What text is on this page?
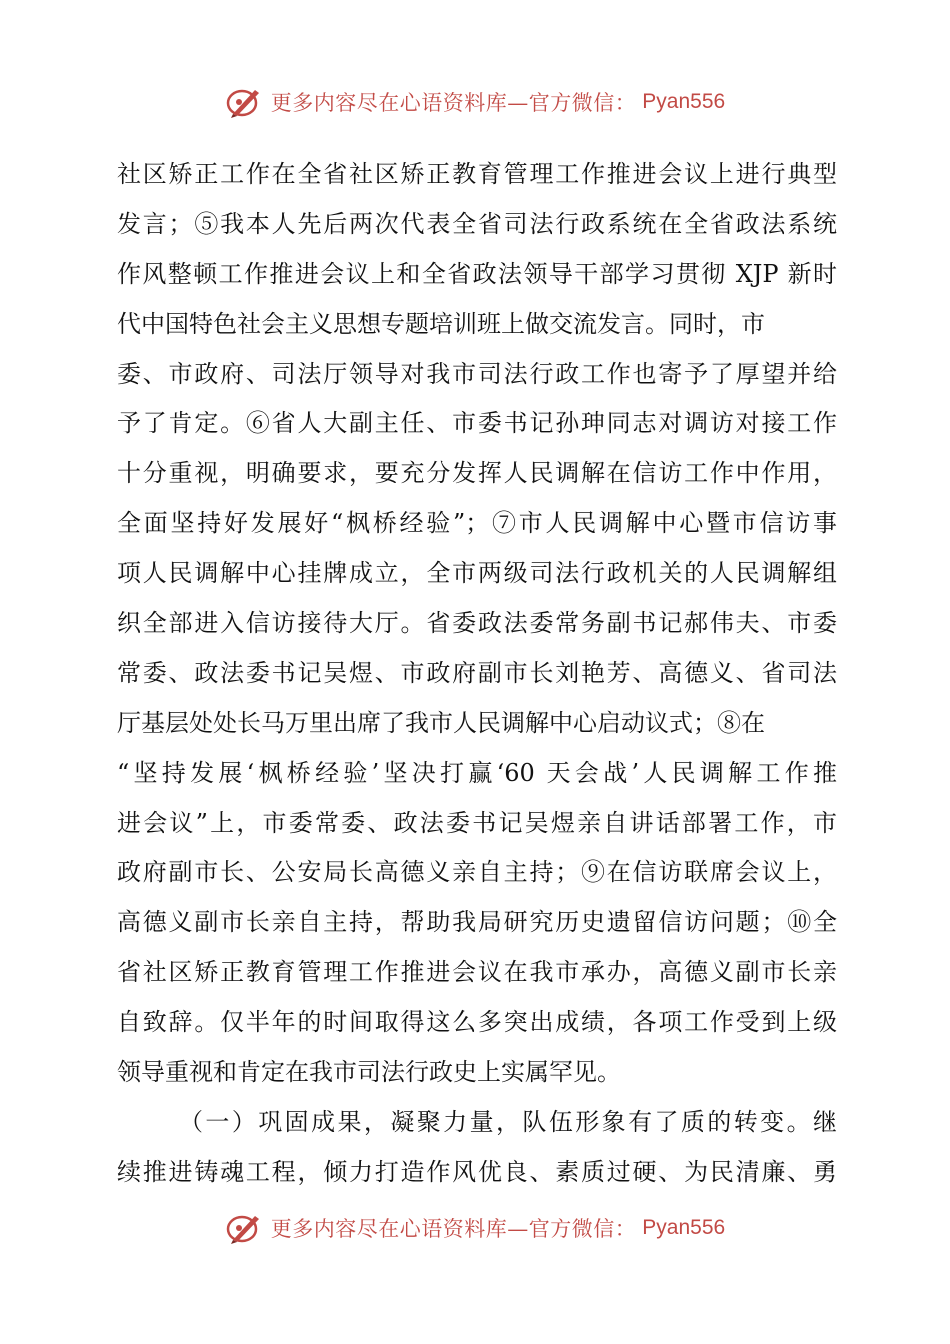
更多内容尽在心语资料库—官方微信： Pyan556
社区矫正工作在全省社区矫正教育管理工作推进会议上进行典型
发言；⑤我本人先后两次代表全省司法行政系统在全省政法系统
作风整顿工作推进会议上和全省政法领导干部学习贯彻 XJP 新时
代中国特色社会主义思想专题培训班上做交流发言。同时，市
委、市政府、司法厅领导对我市司法行政工作也寄予了厚望并给
予了肯定。⑥省人大副主任、市委书记孙珅同志对调访对接工作
十分重视，明确要求，要充分发挥人民调解在信访工作中作用，
全面坚持好发展好“枫桥经验”；⑦市人民调解中心暨市信访事
项人民调解中心挂牌成立，全市两级司法行政机关的人民调解组
织全部进入信访接待大厅。省委政法委常务副书记郝伟夫、市委
常委、政法委书记吴煜、市政府副市长刘艳芳、高德义、省司法
厅基层处处长马万里出席了我市人民调解中心启动议式；⑧在
“坚持发展‘枫桥经验’坚决打赢‘60 天会战’人民调解工作推
进会议”上，市委常委、政法委书记吴煜亲自讲话部署工作，市
政府副市长、公安局长高德义亲自主持；⑨在信访联席会议上，
高德义副市长亲自主持，帮助我局研究历史遗留信访问题；⑩全
省社区矫正教育管理工作推进会议在我市承办，高德义副市长亲
自致辞。仅半年的时间取得这么多突出成绩，各项工作受到上级
领导重视和肯定在我市司法行政史上实属罕见。
（一）巩固成果，凝聚力量，队伍形象有了质的转变。继
续推进铸魂工程，倾力打造作风优良、素质过硬、为民清廉、勇
更多内容尽在心语资料库—官方微信： Pyan556
